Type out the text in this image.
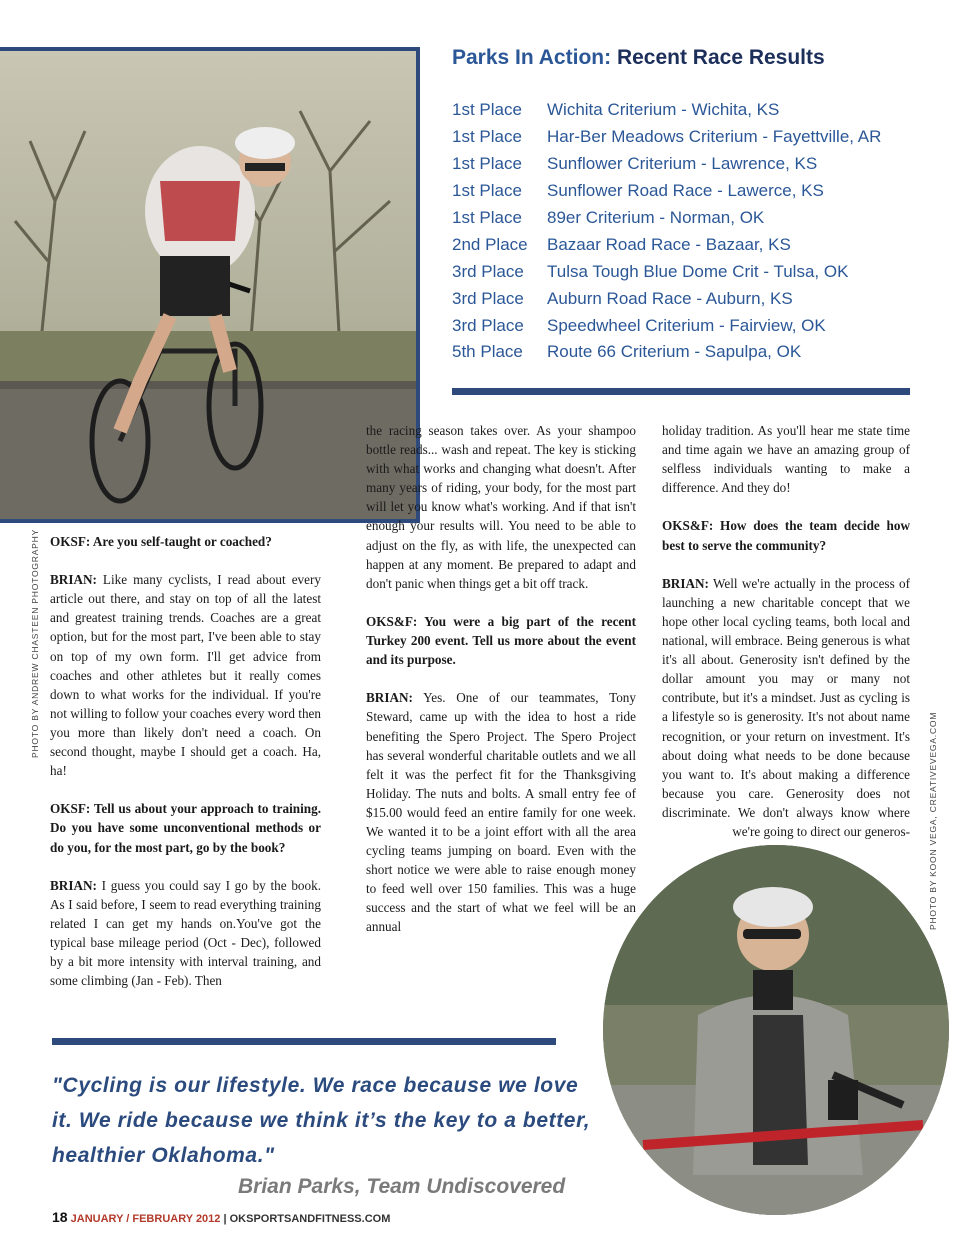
PHOTO BY ANDREW CHASTEEN PHOTOGRAPHY
Parks In Action: Recent Race Results
1st Place	Wichita Criterium - Wichita, KS
1st Place	Har-Ber Meadows Criterium - Fayettville, AR
1st Place	Sunflower Criterium - Lawrence, KS
1st Place	Sunflower Road Race - Lawerce, KS
1st Place	89er Criterium - Norman, OK
2nd Place	Bazaar Road Race - Bazaar, KS
3rd Place	Tulsa Tough Blue Dome Crit - Tulsa, OK
3rd Place	Auburn Road Race - Auburn, KS
3rd Place	Speedwheel Criterium - Fairview, OK
5th Place	Route 66 Criterium - Sapulpa, OK

OKSF: Are you self-taught or coached?

BRIAN: Like many cyclists, I read about every article out there, and stay on top of all the latest and greatest training trends. Coaches are a great option, but for the most part, I've been able to stay on top of my own form. I'll get advice from coaches and other athletes but it really comes down to what works for the individual. If you're not willing to follow your coaches every word then you more than likely don't need a coach. On second thought, maybe I should get a coach. Ha, ha!

OKSF: Tell us about your approach to training. Do you have some unconventional methods or do you, for the most part, go by the book?

BRIAN: I guess you could say I go by the book. As I said before, I seem to read everything training related I can get my hands on.You've got the typical base mileage period (Oct - Dec), followed by a bit more intensity with interval training, and some climbing (Jan - Feb). Then

the racing season takes over. As your shampoo bottle reads... wash and repeat. The key is sticking with what works and changing what doesn't. After many years of riding, your body, for the most part will let you know what's working. And if that isn't enough your results will. You need to be able to adjust on the fly, as with life, the unexpected can happen at any moment. Be prepared to adapt and don't panic when things get a bit off track.

OKS&F: You were a big part of the recent Turkey 200 event. Tell us more about the event and its purpose.

BRIAN: Yes. One of our teammates, Tony Steward, came up with the idea to host a ride benefiting the Spero Project. The Spero Project has several wonderful charitable outlets and we all felt it was the perfect fit for the Thanksgiving Holiday. The nuts and bolts. A small entry fee of $15.00 would feed an entire family for one week. We wanted it to be a joint effort with all the area cycling teams jumping on board. Even with the short notice we were able to raise enough money to feed well over 150 families. This was a huge success and the start of what we feel will be an annual

holiday tradition. As you'll hear me state time and time again we have an amazing group of selfless individuals wanting to make a difference. And they do!

OKS&F: How does the team decide how best to serve the community?

BRIAN: Well we're actually in the process of launching a new charitable concept that we hope other local cycling teams, both local and national, will embrace. Being generous is what it's all about. Generosity isn't defined by the dollar amount you may or many not contribute, but it's a mindset. Just as cycling is a lifestyle so is generosity. It's not about name recognition, or your return on investment. It's about doing what needs to be done because you want to. It's about making a difference because you care. Generosity does not discriminate. We don't always know where we're going to direct our generos- PHOTO BY KOON VEGA, CREATIVEVEGA.COM
"Cycling is our lifestyle. We race because we love it. We ride because we think it’s the key to a better, healthier Oklahoma."
Brian Parks, Team Undiscovered
18 JANUARY / FEBRUARY 2012 | OKSPORTSANDFITNESS.COM
